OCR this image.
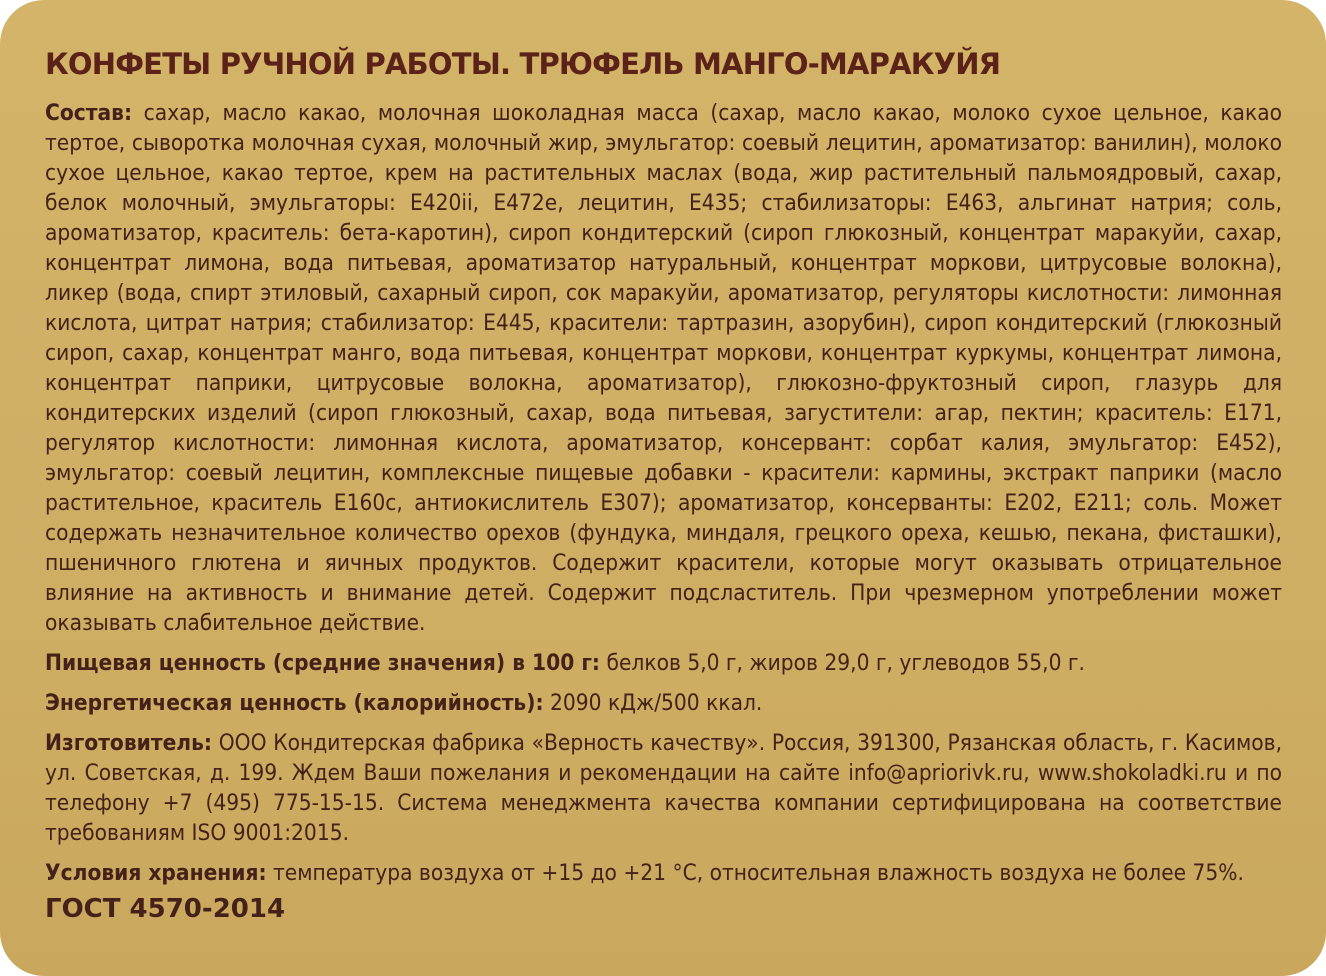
КОНФЕТЫ РУЧНОЙ РАБОТЫ. ТРЮФЕЛЬ МАНГО-МАРАКУЙЯ

Состав: сахар, масло какао, молочная шоколадная масса (сахар, масло какао, молоко сухое цельное, какао тертое, сыворотка молочная сухая, молочный жир, эмульгатор: соевый лецитин, ароматизатор: ванилин), молоко сухое цельное, какао тертое, крем на растительных маслах (вода, жир растительный пальмоядровый, сахар, белок молочный, эмульгаторы: Е420ii, Е472е, лецитин, Е435; стабилизаторы: Е463, альгинат натрия; соль, ароматизатор, краситель: бета-каротин), сироп кондитерский (сироп глюкозный, концентрат маракуйи, сахар, концентрат лимона, вода питьевая, ароматизатор натуральный, концентрат моркови, цитрусовые волокна), ликер (вода, спирт этиловый, сахарный сироп, сок маракуйи, ароматизатор, регуляторы кислотности: лимонная кислота, цитрат натрия; стабилизатор: Е445, красители: тартразин, азорубин), сироп кондитерский (глюкозный сироп, сахар, концентрат манго, вода питьевая, концентрат моркови, концентрат куркумы, концентрат лимона, концентрат паприки, цитрусовые волокна, ароматизатор), глюкозно-фруктозный сироп, глазурь для кондитерских изделий (сироп глюкозный, сахар, вода питьевая, загустители: агар, пектин; краситель: Е171, регулятор кислотности: лимонная кислота, ароматизатор, консервант: сорбат калия, эмульгатор: Е452), эмульгатор: соевый лецитин, комплексные пищевые добавки - красители: кармины, экстракт паприки (масло растительное, краситель Е160с, антиокислитель Е307); ароматизатор, консерванты: Е202, Е211; соль. Может содержать незначительное количество орехов (фундука, миндаля, грецкого ореха, кешью, пекана, фисташки), пшеничного глютена и яичных продуктов. Содержит красители, которые могут оказывать отрицательное влияние на активность и внимание детей. Содержит подсластитель. При чрезмерном употреблении может оказывать слабительное действие.

Пищевая ценность (средние значения) в 100 г: белков 5,0 г, жиров 29,0 г, углеводов 55,0 г.

Энергетическая ценность (калорийность): 2090 кДж/500 ккал.

Изготовитель: ООО Кондитерская фабрика «Верность качеству». Россия, 391300, Рязанская область, г. Касимов, ул. Советская, д. 199. Ждем Ваши пожелания и рекомендации на сайте info@apriorivk.ru, www.shokoladki.ru и по телефону +7 (495) 775-15-15. Система менеджмента качества компании сертифицирована на соответствие требованиям ISO 9001:2015.

Условия хранения: температура воздуха от +15 до +21 °С, относительная влажность воздуха не более 75%.

ГОСТ 4570-2014
